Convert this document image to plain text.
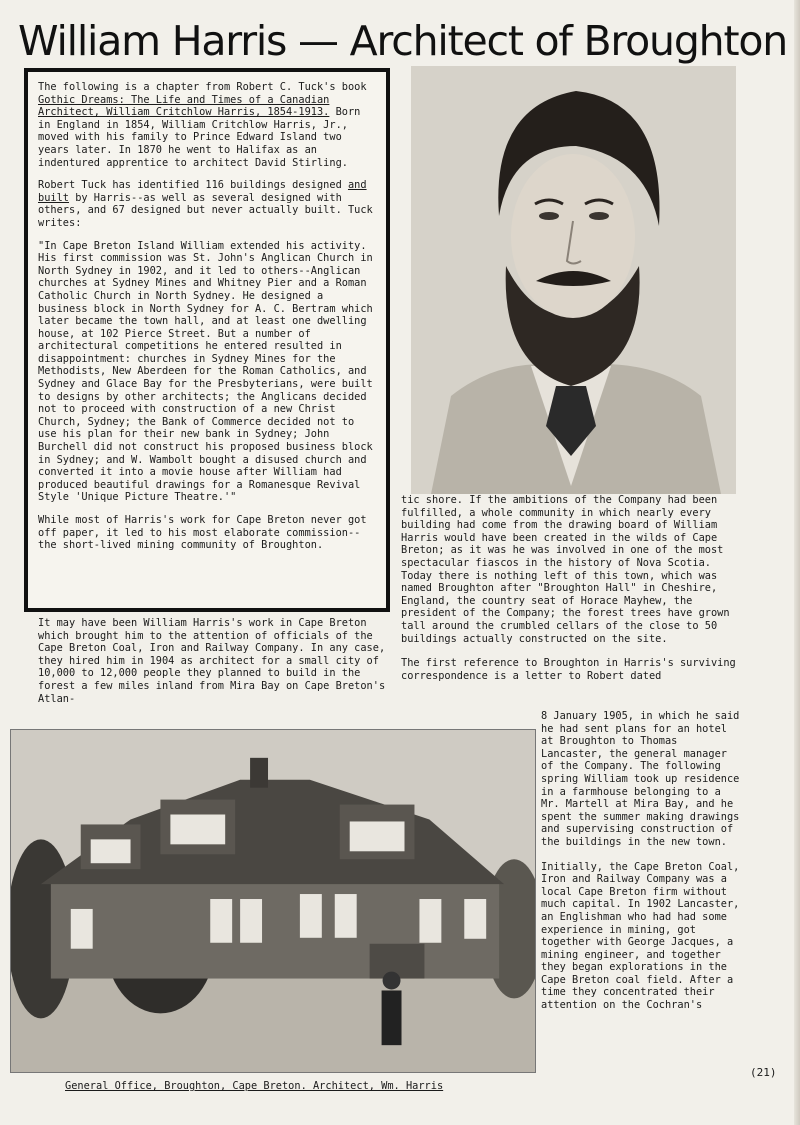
William Harris — Architect of Broughton

The following is a chapter from Robert C. Tuck's book Gothic Dreams: The Life and Times of a Canadian Architect, William Critchlow Harris, 1854-1913. Born in England in 1854, William Critchlow Harris, Jr., moved with his family to Prince Edward Island two years later. In 1870 he went to Halifax as an indentured apprentice to architect David Stirling.

Robert Tuck has identified 116 buildings designed and built by Harris--as well as several designed with others, and 67 designed but never actually built. Tuck writes:

"In Cape Breton Island William extended his activity. His first commission was St. John's Anglican Church in North Sydney in 1902, and it led to others--Anglican churches at Sydney Mines and Whitney Pier and a Roman Catholic Church in North Sydney. He designed a business block in North Sydney for A. C. Bertram which later became the town hall, and at least one dwelling house, at 102 Pierce Street. But a number of architectural competitions he entered resulted in disappointment: churches in Sydney Mines for the Methodists, New Aberdeen for the Roman Catholics, and Sydney and Glace Bay for the Presbyterians, were built to designs by other architects; the Anglicans decided not to proceed with construction of a new Christ Church, Sydney; the Bank of Commerce decided not to use his plan for their new bank in Sydney; John Burchell did not construct his proposed business block in Sydney; and W. Wambolt bought a disused church and converted it into a movie house after William had produced beautiful drawings for a Romanesque Revival Style 'Unique Picture Theatre.'"

While most of Harris's work for Cape Breton never got off paper, it led to his most elaborate commission--the short-lived mining community of Broughton.

tic shore. If the ambitions of the Company had been fulfilled, a whole community in which nearly every building had come from the drawing board of William Harris would have been created in the wilds of Cape Breton; as it was he was involved in one of the most spectacular fiascos in the history of Nova Scotia. Today there is nothing left of this town, which was named Broughton after "Broughton Hall" in Cheshire, England, the country seat of Horace Mayhew, the president of the Company; the forest trees have grown tall around the crumbled cellars of the close to 50 buildings actually constructed on the site.

The first reference to Broughton in Harris's surviving correspondence is a letter to Robert dated

It may have been William Harris's work in Cape Breton which brought him to the attention of officials of the Cape Breton Coal, Iron and Railway Company. In any case, they hired him in 1904 as architect for a small city of 10,000 to 12,000 people they planned to build in the forest a few miles inland from Mira Bay on Cape Breton's Atlan-

8 January 1905, in which he said he had sent plans for an hotel at Broughton to Thomas Lancaster, the general manager of the Company. The following spring William took up residence in a farmhouse belonging to a Mr. Martell at Mira Bay, and he spent the summer making drawings and supervising construction of the buildings in the new town.

Initially, the Cape Breton Coal, Iron and Railway Company was a local Cape Breton firm without much capital. In 1902 Lancaster, an Englishman who had had some experience in mining, got together with George Jacques, a mining engineer, and together they began explorations in the Cape Breton coal field. After a time they concentrated their attention on the Cochran's

General Office, Broughton, Cape Breton. Architect, Wm. Harris
(21)
